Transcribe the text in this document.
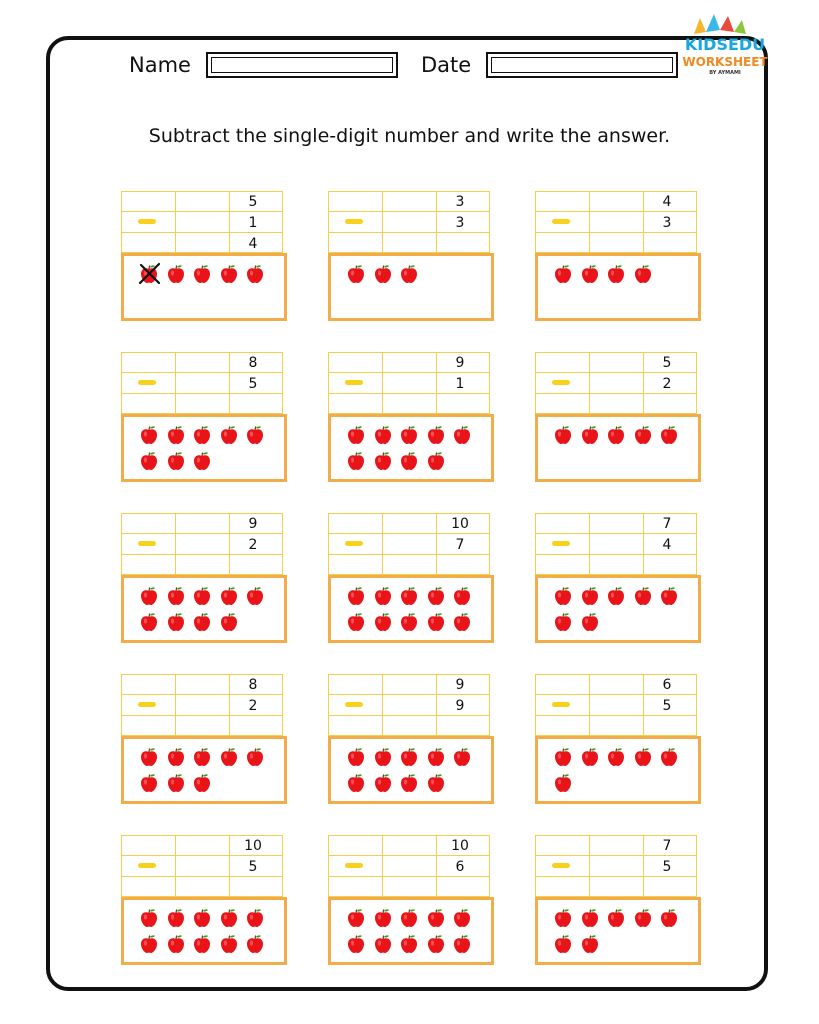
Name	Date
KIDSEDU
WORKSHEET
BY AYMAMI
Subtract the single-digit number and write the answer.
5
1
4
3
3
4
3
8
5
9
1
5
2
9
2
10
7
7
4
8
2
9
9
6
5
10
5
10
6
7
5
